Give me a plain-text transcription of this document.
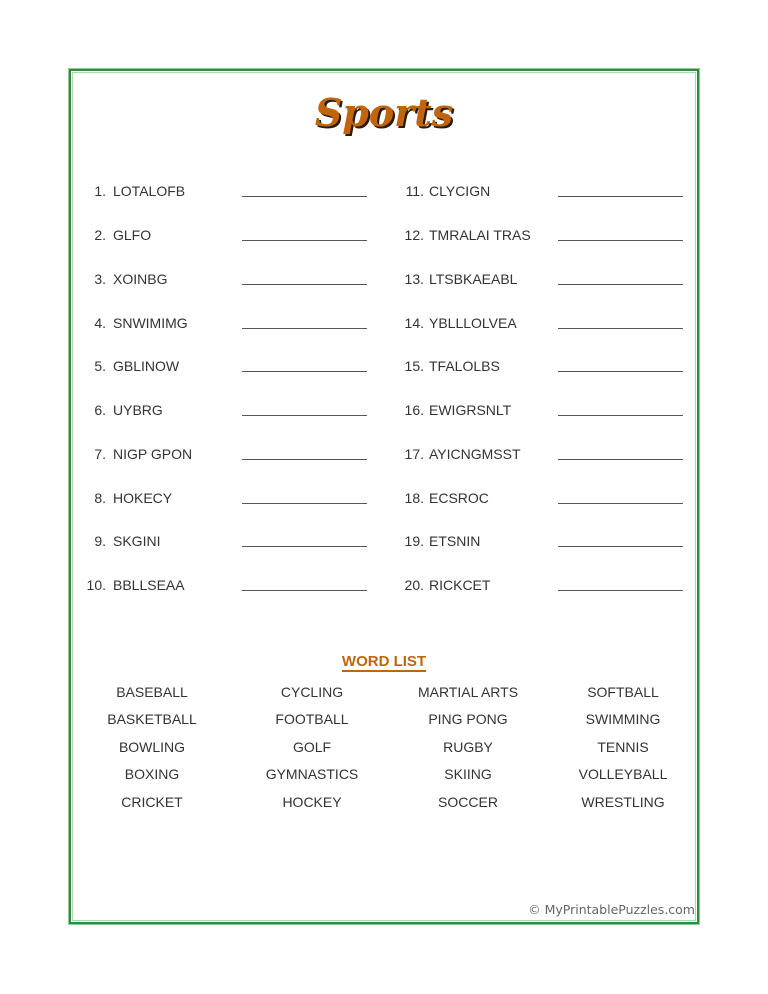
Sports
1. LOTALOFB
2. GLFO
3. XOINBG
4. SNWIMIMG
5. GBLINOW
6. UYBRG
7. NIGP GPON
8. HOKECY
9. SKGINI
10. BBLLSEAA
11. CLYCIGN
12. TMRALAI TRAS
13. LTSBKAEABL
14. YBLLLOLVEA
15. TFALOLBS
16. EWIGRSNLT
17. AYICNGMSST
18. ECSROC
19. ETSNIN
20. RICKCET
WORD LIST
BASEBALL
BASKETBALL
BOWLING
BOXING
CRICKET
CYCLING
FOOTBALL
GOLF
GYMNASTICS
HOCKEY
MARTIAL ARTS
PING PONG
RUGBY
SKIING
SOCCER
SOFTBALL
SWIMMING
TENNIS
VOLLEYBALL
WRESTLING
© MyPrintablePuzzles.com
